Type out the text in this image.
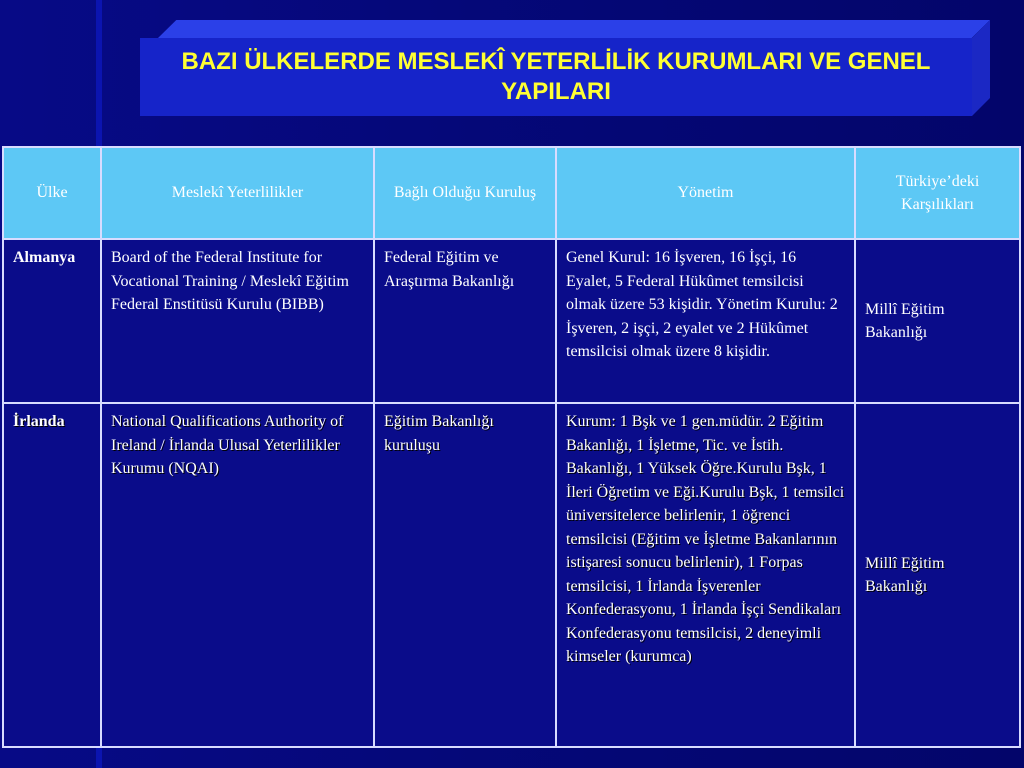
BAZI ÜLKELERDE MESLEKÎ YETERLİLİK KURUMLARI VE GENEL YAPILARI
Ülke	Meslekî Yeterlilikler	Bağlı Olduğu Kuruluş	Yönetim	Türkiye’deki Karşılıkları
Almanya	Board of the Federal Institute for Vocational Training / Meslekî Eğitim Federal Enstitüsü Kurulu (BIBB)	Federal Eğitim ve Araştırma Bakanlığı	Genel Kurul: 16 İşveren, 16 İşçi, 16 Eyalet, 5 Federal Hükûmet temsilcisi olmak üzere 53 kişidir. Yönetim Kurulu: 2 İşveren, 2 işçi, 2 eyalet ve 2 Hükûmet temsilcisi olmak üzere 8 kişidir.	Millî Eğitim Bakanlığı
İrlanda	National Qualifications Authority of Ireland / İrlanda Ulusal Yeterlilikler Kurumu (NQAI)	Eğitim Bakanlığı kuruluşu	Kurum: 1 Bşk ve 1 gen.müdür. 2 Eğitim Bakanlığı, 1 İşletme, Tic. ve İstih. Bakanlığı, 1 Yüksek Öğre.Kurulu Bşk, 1 İleri Öğretim ve Eği.Kurulu Bşk, 1 temsilci üniversitelerce belirlenir, 1 öğrenci temsilcisi (Eğitim ve İşletme Bakanlarının istişaresi sonucu belirlenir), 1 Forpas temsilcisi, 1 İrlanda İşverenler Konfederasyonu, 1 İrlanda İşçi Sendikaları Konfederasyonu temsilcisi, 2 deneyimli kimseler (kurumca)	Millî Eğitim Bakanlığı
